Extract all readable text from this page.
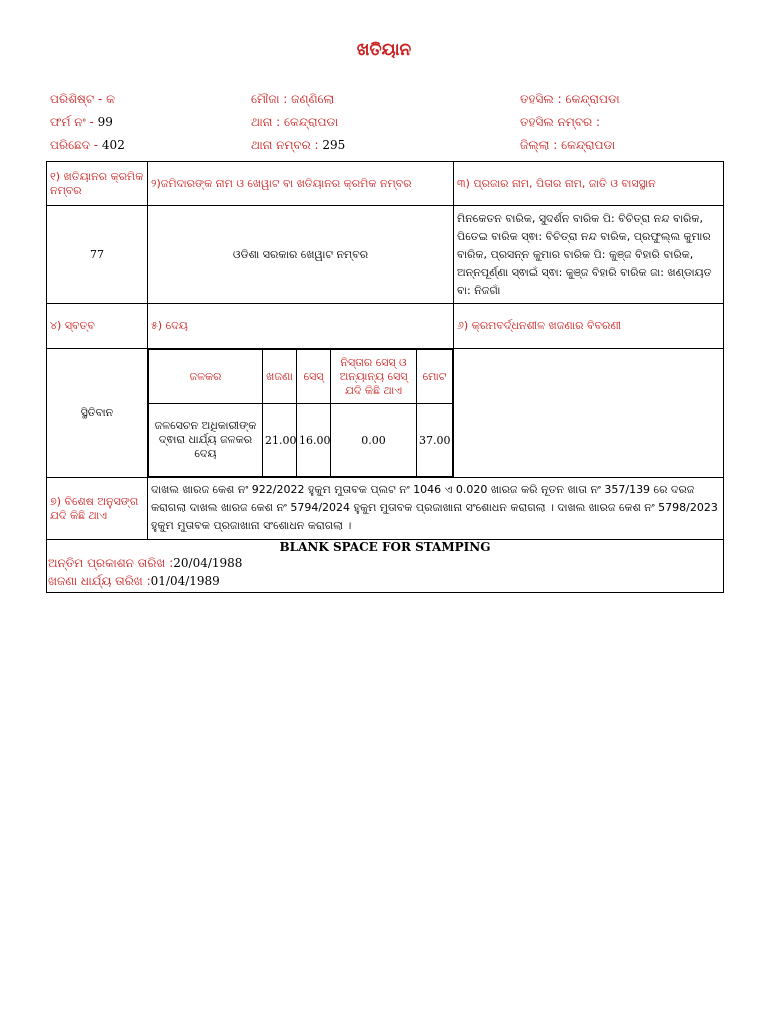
ଖତିୟାନ
ପରିଶିଷ୍ଟ - କ	ମୌଜା : ଜଣ୍ଣିଲୋ	ତହସିଲ : କେନ୍ଦ୍ରାପଡା
ଫର୍ମ ନଂ - 99	ଥାନା : କେନ୍ଦ୍ରାପଡା	ତହସିଲ ନମ୍ବର :
ପରିଛେଦ - 402	ଥାନା ନମ୍ବର : 295	ଜିଲ୍ଲା : କେନ୍ଦ୍ରାପଡା
୧) ଖତିୟାନର କ୍ରମିକ ନମ୍ବର	୨)ଜମିଦାରଙ୍କ ନାମ ଓ ଖେୱାଟ ବା ଖତିୟାନର କ୍ରମିକ ନମ୍ବର	୩) ପ୍ରଜାର ନାମ, ପିତାର ନାମ, ଜାତି ଓ ବାସସ୍ଥାନ
77	ଓଡିଶା ସରକାର ଖେୱାଟ ନମ୍ବର	ମିନକେତନ ବାରିକ, ସୁଦର୍ଶନ ବାରିକ ପି: ବିଚିତ୍ରା ନନ୍ଦ ବାରିକ, ପିତେଇ ବାରିକ ସ୍ଵା: ବିଚିତ୍ରା ନନ୍ଦ ବାରିକ, ପ୍ରଫୁଲ୍ଲ କୁମାର ବାରିକ, ପ୍ରସନ୍ନ କୁମାର ବାରିକ ପି: କୁଞ୍ଜ ବିହାରି ବାରିକ, ଅନ୍ନପୂର୍ଣ୍ଣା ସ୍ଵାଇଁ ସ୍ଵା: କୁଞ୍ଜ ବିହାରି ବାରିକ ଜା: ଖଣ୍ଡାୟତ ବା: ନିଜଗାଁ
୪) ସ୍ବତ୍ବ	୫) ଦେୟ	୬) କ୍ରମବର୍ଦ୍ଧନଶୀଳ ଖଜଣାର ବିବରଣୀ
ସ୍ଥିତିବାନ	
ଜଳକର	ଖଜଣା	ସେସ୍	ନିସ୍ତାର ସେସ୍ ଓ ଅନ୍ୟାନ୍ୟ ସେସ୍ ଯଦି କିଛି ଥାଏ	ମୋଟ
ଜଳସେଚନ ଅଧିକାରୀଙ୍କ ଦ୍ଵାରା ଧାର୍ଯ୍ୟ ଜଳକର ଦେୟ	21.00	16.00	0.00	37.00

୭) ବିଶେଷ ଅନୁସଙ୍ଗ ଯଦି କିଛି ଥାଏ	ଦାଖଲ ଖାରଜ କେଶ ନଂ 922/2022 ହୁକୁମ ମୁତାବକ ପ୍ଲଟ ନଂ 1046 ଏ 0.020 ଖାରଜ କରି ନୂତନ ଖାତା ନଂ 357/139 ରେ ଦରଜ କରାଗଲା ଦାଖଲ ଖାରଜ କେଶ ନଂ 5794/2024 ହୁକୁମ ମୁତାବକ ପ୍ରଜାଖାନା ସଂଶୋଧନ କରାଗଲା । ଦାଖଲ ଖାରଜ କେଶ ନଂ 5798/2023 ହୁକୁମ ମୁତାବକ ପ୍ରଜାଖାନା ସଂଶୋଧନ କରାଗଲା ।

BLANK SPACE FOR STAMPING
ଅନ୍ତିମ ପ୍ରକାଶନ ତାରିଖ :20/04/1988
ଖଜଣା ଧାର୍ଯ୍ୟ ତାରିଖ :01/04/1989
